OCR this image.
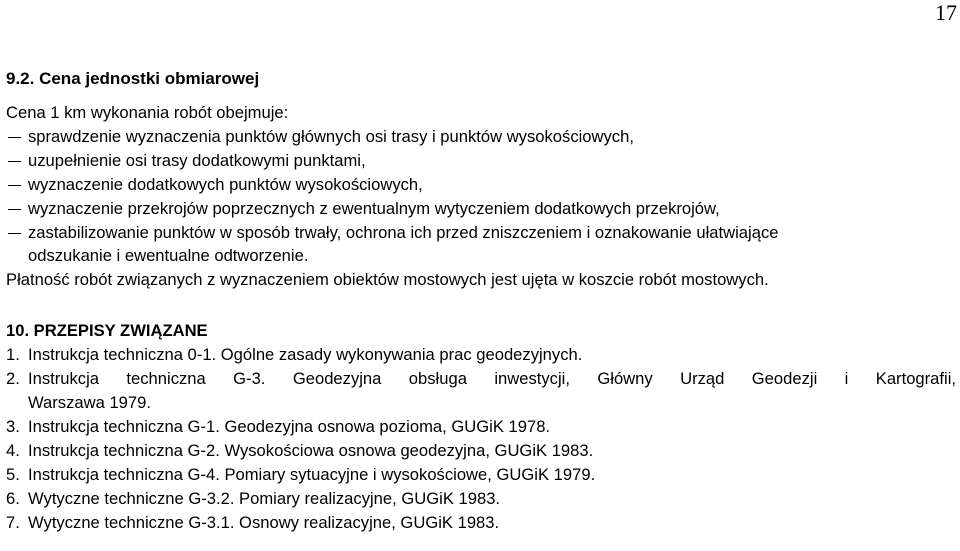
17
9.2. Cena jednostki obmiarowej
Cena 1 km wykonania robót obejmuje:
sprawdzenie wyznaczenia punktów głównych osi trasy i punktów wysokościowych,
uzupełnienie osi trasy dodatkowymi punktami,
wyznaczenie dodatkowych punktów wysokościowych,
wyznaczenie przekrojów poprzecznych z ewentualnym wytyczeniem dodatkowych przekrojów,
zastabilizowanie punktów w sposób trwały, ochrona ich przed zniszczeniem i oznakowanie ułatwiające
odszukanie i ewentualne odtworzenie.
Płatność robót związanych z wyznaczeniem obiektów mostowych jest ujęta w koszcie robót mostowych.
10. PRZEPISY ZWIĄZANE
1. Instrukcja techniczna 0-1. Ogólne zasady wykonywania prac geodezyjnych.
2. Instrukcja techniczna G-3. Geodezyjna obsługa inwestycji, Główny Urząd Geodezji i Kartografii,
Warszawa 1979.
3. Instrukcja techniczna G-1. Geodezyjna osnowa pozioma, GUGiK 1978.
4. Instrukcja techniczna G-2. Wysokościowa osnowa geodezyjna, GUGiK 1983.
5. Instrukcja techniczna G-4. Pomiary sytuacyjne i wysokościowe, GUGiK 1979.
6. Wytyczne techniczne G-3.2. Pomiary realizacyjne, GUGiK 1983.
7. Wytyczne techniczne G-3.1. Osnowy realizacyjne, GUGiK 1983.
